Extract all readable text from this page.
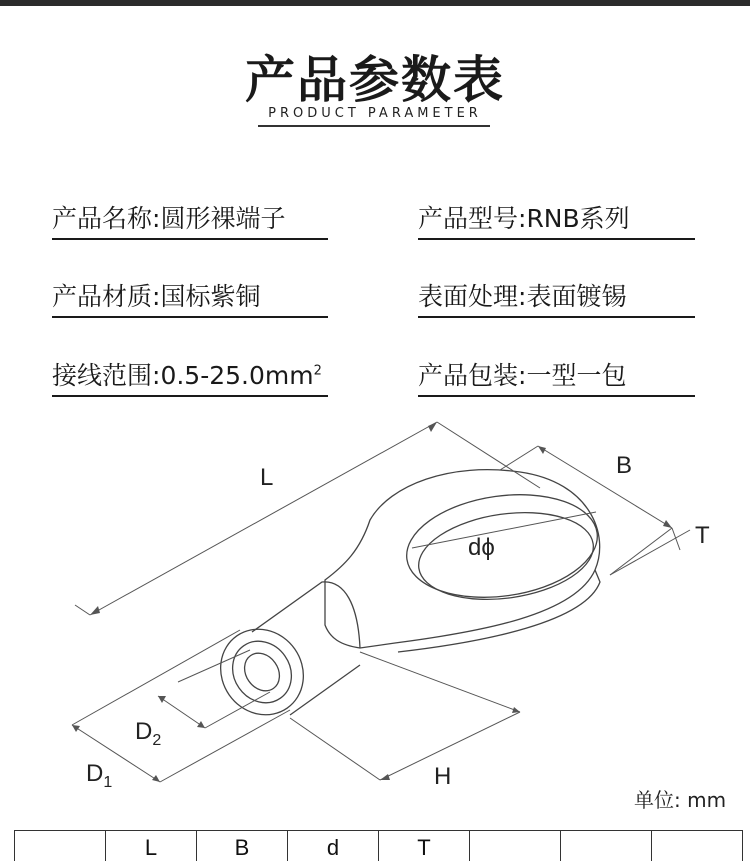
产品参数表
PRODUCT PARAMETER
产品名称:圆形裸端子	产品型号:RNB系列
产品材质:国标紫铜	表面处理:表面镀锡
接线范围$:0.5-25.0mm^2$	产品包装:一型一包
L	B
T
dϕ
$D_2$
$D_1$	H
单位: mm
L	B	d	T
